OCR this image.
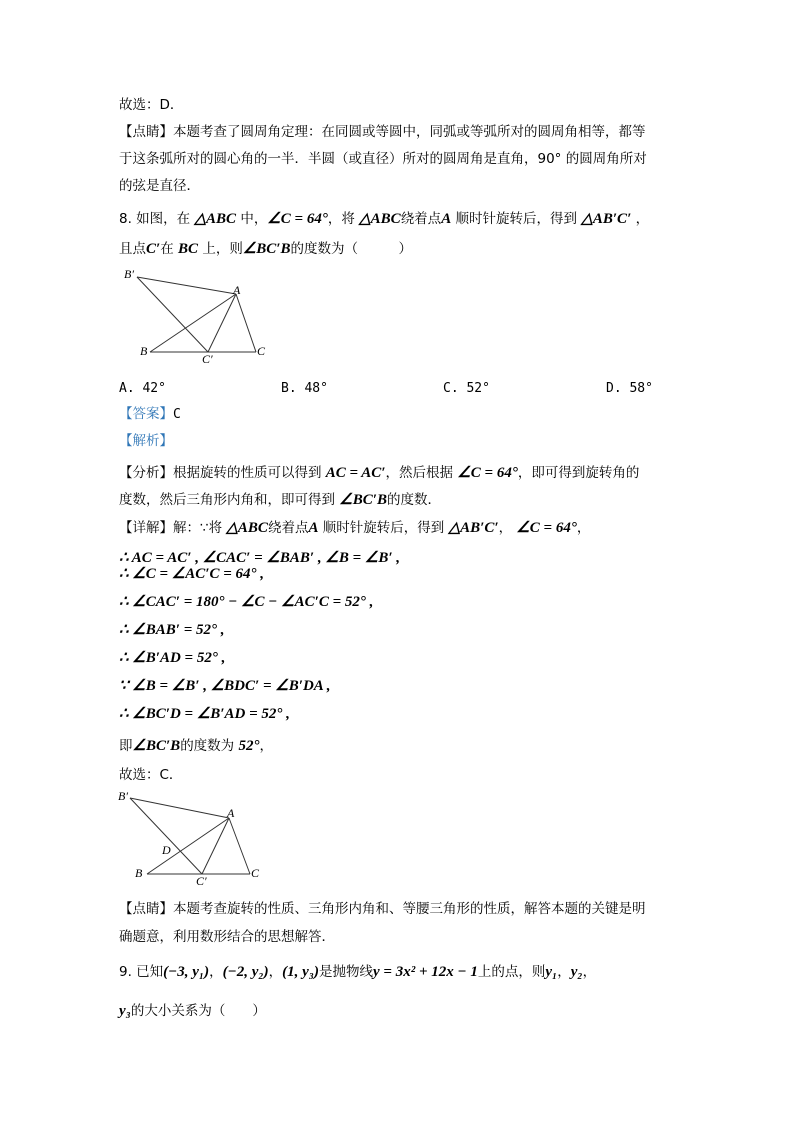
故选：D．
【点睛】本题考查了圆周角定理：在同圆或等圆中，同弧或等弧所对的圆周角相等，都等
于这条弧所对的圆心角的一半．半圆（或直径）所对的圆周角是直角，90° 的圆周角所对
的弦是直径．
8. 如图，在 △ABC 中，∠C = 64°，将 △ABC绕着点A 顺时针旋转后，得到 △AB′C′ ，
且点C′在 BC 上，则∠BC′B的度数为（　　　）
B′
A
B
C′
C
A. 42°	B. 48°	C. 52°	D. 58°
【答案】C
【解析】
【分析】根据旋转的性质可以得到 AC = AC′，然后根据 ∠C = 64°，即可得到旋转角的
度数，然后三角形内角和，即可得到 ∠BC′B的度数．
【详解】解：∵将 △ABC绕着点A 顺时针旋转后，得到 △AB′C′， ∠C = 64°，
∴ AC = AC′ , ∠CAC′ = ∠BAB′ , ∠B = ∠B′ ,
∴ ∠C = ∠AC′C = 64° ,
∴ ∠CAC′ = 180° − ∠C − ∠AC′C = 52° ,
∴ ∠BAB′ = 52° ,
∴ ∠B′AD = 52° ,
∵ ∠B = ∠B′ , ∠BDC′ = ∠B′DA ,
∴ ∠BC′D = ∠B′AD = 52° ,
即∠BC′B的度数为 52°，
故选：C．
B′
A
D
B
C′
C
【点睛】本题考查旋转的性质、三角形内角和、等腰三角形的性质，解答本题的关键是明
确题意，利用数形结合的思想解答．
9. 已知(−3, y₁)，(−2, y₂)，(1, y₃)是抛物线y = 3x² + 12x − 1上的点，则y₁，y₂，
y₃的大小关系为（　　）
